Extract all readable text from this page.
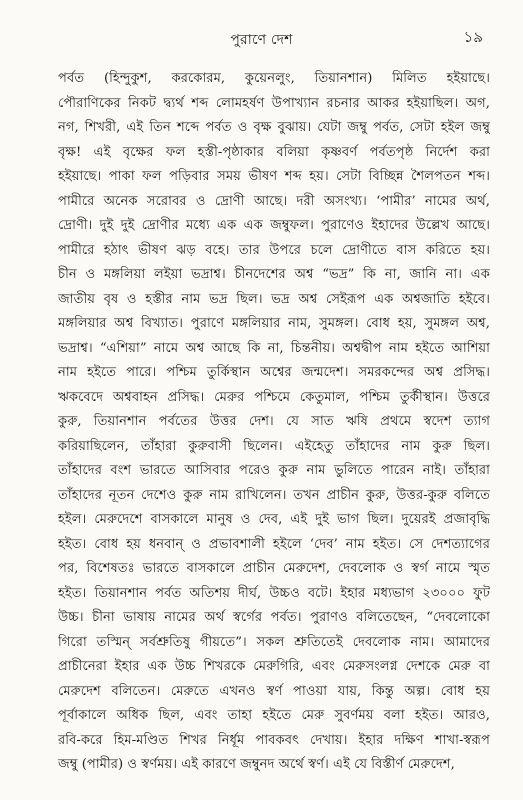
পুরাণে দেশ	১৯
পর্বত (হিন্দুকুশ, করকোরম, কুয়েনলুং, তিয়ানশান) মিলিত হইয়াছে।
পৌরাণিকের নিকট দ্ব্যর্থ শব্দ লোমহর্ষণ উপাখ্যান রচনার আকর হইয়াছিল। অগ,
নগ, শিখরী, এই তিন শব্দে পর্বত ও বৃক্ষ বুঝায়। যেটা জম্বু পর্বত, সেটা হইল জম্বু
বৃক্ষ! এই বৃক্ষের ফল হস্তী-পৃষ্ঠাকার বলিয়া কৃষ্ণবর্ণ পর্বতপৃষ্ঠ নির্দেশ করা
হইয়াছে। পাকা ফল পড়িবার সময় ভীষণ শব্দ হয়। সেটা বিচ্ছিন্ন শৈলপতন শব্দ।
পামীরে অনেক সরোবর ও দ্রোণী আছে। দরী অসংখ্য। ‘পামীর’ নামের অর্থ,
দ্রোণী। দুই দুই দ্রোণীর মধ্যে এক এক জম্বুফল। পুরাণেও ইহাদের উল্লেখ আছে।
পামীরে হঠাৎ ভীষণ ঝড় বহে। তার উপরে চলে দ্রোণীতে বাস করিতে হয়।
চীন ও মঙ্গলিয়া লইয়া ভদ্রাশ্ব। চীনদেশের অশ্ব “ভদ্র” কি না, জানি না। এক
জাতীয় বৃষ ও হস্তীর নাম ভদ্র ছিল। ভদ্র অশ্ব সেইরূপ এক অশ্বজাতি হইবে।
মঙ্গলিয়ার অশ্ব বিখ্যাত। পুরাণে মঙ্গলিয়ার নাম, সুমঙ্গল। বোধ হয়, সুমঙ্গল অশ্ব,
ভদ্রাশ্ব। “এশিয়া” নামে অশ্ব আছে কি না, চিন্তনীয়। অশ্বদ্বীপ নাম হইতে আশিয়া
নাম হইতে পারে। পশ্চিম তুর্কিস্থান অশ্বের জন্মদেশ। সমরকন্দের অশ্ব প্রসিদ্ধ।
ঋকবেদে অশ্ববাহন প্রসিদ্ধ। মেরুর পশ্চিমে কেতুমাল, পশ্চিম তুর্কীস্থান। উত্তরে
কুরু, তিয়ানশান পর্বতের উত্তর দেশ। যে সাত ঋষি প্রথমে স্বদেশ ত্যাগ
করিয়াছিলেন, তাঁহারা কুরুবাসী ছিলেন। এইহেতু তাঁহাদের নাম কুরু ছিল।
তাঁহাদের বংশ ভারতে আসিবার পরেও কুরু নাম ভুলিতে পারেন নাই। তাঁহারা
তাঁহাদের নূতন দেশেও কুরু নাম রাখিলেন। তখন প্রাচীন কুরু, উত্তর-কুরু বলিতে
হইল। মেরুদেশে বাসকালে মানুষ ও দেব, এই দুই ভাগ ছিল। দুয়েরই প্রজাবৃদ্ধি
হইত। বোধ হয় ধনবান্ ও প্রভাবশালী হইলে ‘দেব’ নাম হইত। সে দেশত্যাগের
পর, বিশেষতঃ ভারতে বাসকালে প্রাচীন মেরুদেশ, দেবলোক ও স্বর্গ নামে স্মৃত
হইত। তিয়ানশান পর্বত অতিশয় দীর্ঘ, উচ্চও বটে। ইহার মধ্যভাগ ২৩০০০ ফুট
উচ্চ। চীনা ভাষায় নামের অর্থ স্বর্গের পর্বত। পুরাণও বলিতেছেন, “দেবলোকো
গিরো তস্মিন্ সর্বশ্রুতিষু গীয়তে”। সকল শ্রুতিতেই দেবলোক নাম। আমাদের
প্রাচীনেরা ইহার এক উচ্চ শিখরকে মেরুগিরি, এবং মেরুসংলগ্ন দেশকে মেরু বা
মেরুদেশ বলিতেন। মেরুতে এখনও স্বর্ণ পাওয়া যায়, কিন্তু অল্প। বোধ হয়
পূর্বাকালে অধিক ছিল, এবং তাহা হইতে মেরু সুবর্ণময় বলা হইত। আরও,
রবি-করে হিম-মণ্ডিত শিখর নির্ধূম পাবকবৎ দেখায়। ইহার দক্ষিণ শাখা-স্বরূপ
জম্বু (পামীর) ও স্বর্ণময়। এই কারণে জম্বুনদ অর্থে স্বর্ণ। এই যে বিস্তীর্ণ মেরুদেশ,
